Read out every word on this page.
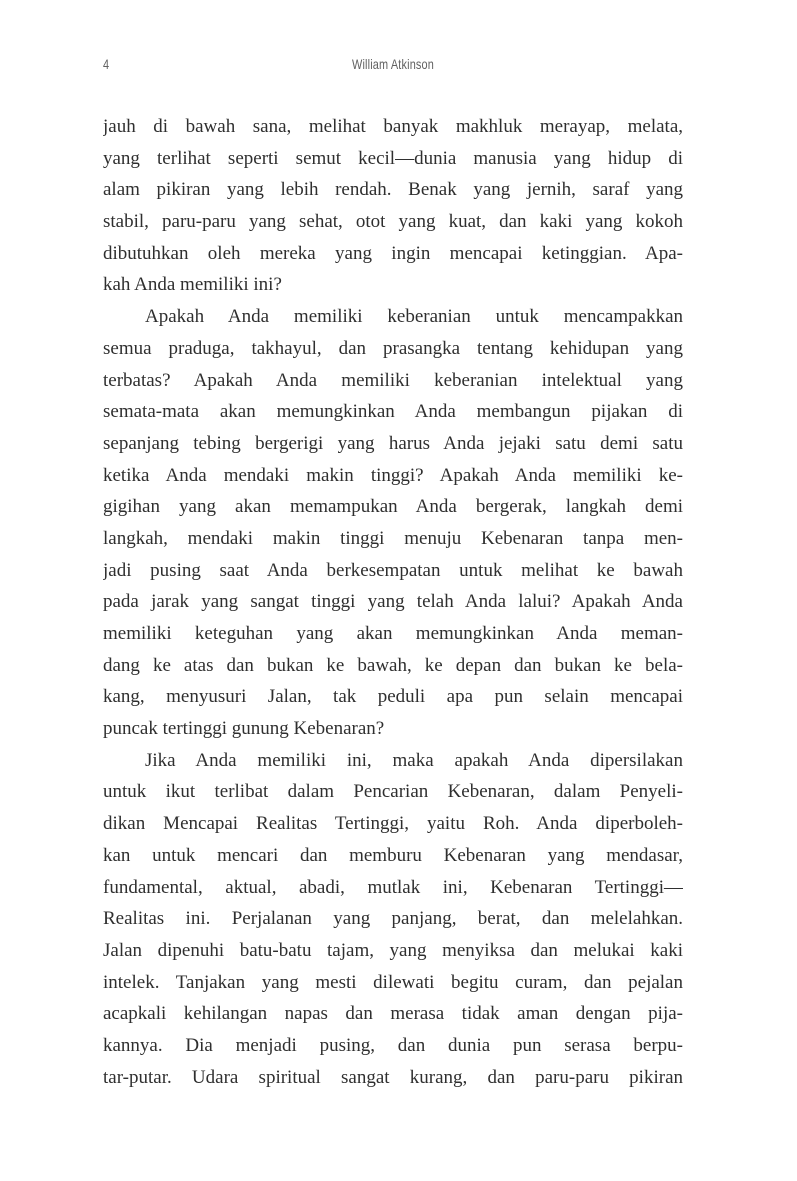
4	William Atkinson
jauh di bawah sana, melihat banyak makhluk merayap, melata,
yang terlihat seperti semut kecil—dunia manusia yang hidup di
alam pikiran yang lebih rendah. Benak yang jernih, saraf yang
stabil, paru-paru yang sehat, otot yang kuat, dan kaki yang kokoh
dibutuhkan oleh mereka yang ingin mencapai ketinggian. Apa-
kah Anda memiliki ini?
Apakah Anda memiliki keberanian untuk mencampakkan
semua praduga, takhayul, dan prasangka tentang kehidupan yang
terbatas? Apakah Anda memiliki keberanian intelektual yang
semata-mata akan memungkinkan Anda membangun pijakan di
sepanjang tebing bergerigi yang harus Anda jejaki satu demi satu
ketika Anda mendaki makin tinggi? Apakah Anda memiliki ke-
gigihan yang akan memampukan Anda bergerak, langkah demi
langkah, mendaki makin tinggi menuju Kebenaran tanpa men-
jadi pusing saat Anda berkesempatan untuk melihat ke bawah
pada jarak yang sangat tinggi yang telah Anda lalui? Apakah Anda
memiliki keteguhan yang akan memungkinkan Anda meman-
dang ke atas dan bukan ke bawah, ke depan dan bukan ke bela-
kang, menyusuri Jalan, tak peduli apa pun selain mencapai
puncak tertinggi gunung Kebenaran?
Jika Anda memiliki ini, maka apakah Anda dipersilakan
untuk ikut terlibat dalam Pencarian Kebenaran, dalam Penyeli-
dikan Mencapai Realitas Tertinggi, yaitu Roh. Anda diperboleh-
kan untuk mencari dan memburu Kebenaran yang mendasar,
fundamental, aktual, abadi, mutlak ini, Kebenaran Tertinggi—
Realitas ini. Perjalanan yang panjang, berat, dan melelahkan.
Jalan dipenuhi batu-batu tajam, yang menyiksa dan melukai kaki
intelek. Tanjakan yang mesti dilewati begitu curam, dan pejalan
acapkali kehilangan napas dan merasa tidak aman dengan pija-
kannya. Dia menjadi pusing, dan dunia pun serasa berpu-
tar-putar. Udara spiritual sangat kurang, dan paru-paru pikiran
